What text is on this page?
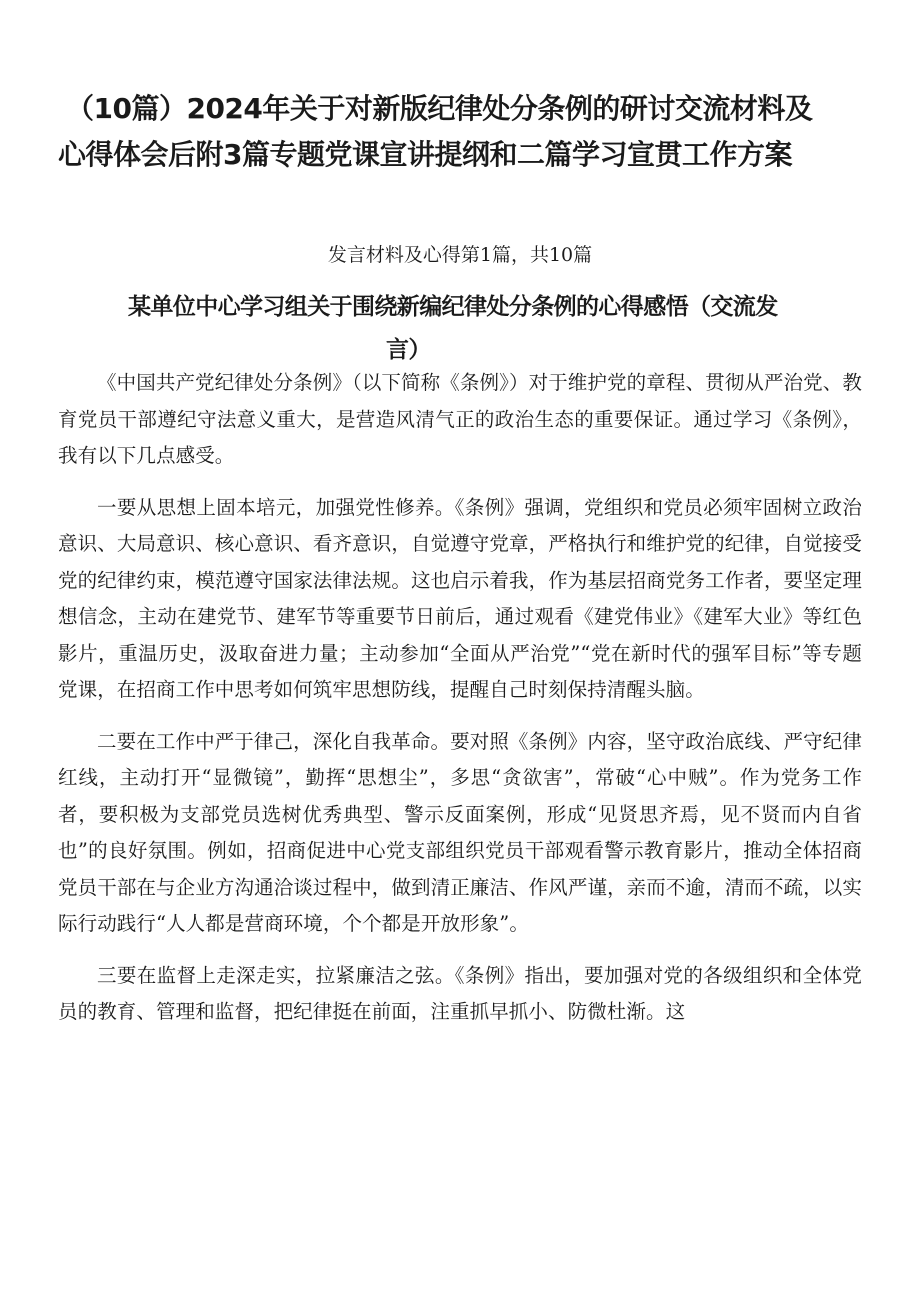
（10篇）2024年关于对新版纪律处分条例的研讨交流材料及
心得体会后附3篇专题党课宣讲提纲和二篇学习宣贯工作方案
发言材料及心得第1篇，共10篇
某单位中心学习组关于围绕新编纪律处分条例的心得感悟（交流发
言）

《中国共产党纪律处分条例》（以下简称《条例》）对于维护党的章程、贯彻从严治党、教育党员干部遵纪守法意义重大，是营造风清气正的政治生态的重要保证。通过学习《条例》，我有以下几点感受。

一要从思想上固本培元，加强党性修养。《条例》强调，党组织和党员必须牢固树立政治意识、大局意识、核心意识、看齐意识，自觉遵守党章，严格执行和维护党的纪律，自觉接受党的纪律约束，模范遵守国家法律法规。这也启示着我，作为基层招商党务工作者，要坚定理想信念，主动在建党节、建军节等重要节日前后，通过观看《建党伟业》《建军大业》等红色影片，重温历史，汲取奋进力量；主动参加“全面从严治党”“党在新时代的强军目标”等专题党课，在招商工作中思考如何筑牢思想防线，提醒自己时刻保持清醒头脑。

二要在工作中严于律己，深化自我革命。要对照《条例》内容，坚守政治底线、严守纪律红线，主动打开“显微镜”，勤挥“思想尘”，多思“贪欲害”，常破“心中贼”。作为党务工作者，要积极为支部党员选树优秀典型、警示反面案例，形成“见贤思齐焉，见不贤而内自省也”的良好氛围。例如，招商促进中心党支部组织党员干部观看警示教育影片，推动全体招商党员干部在与企业方沟通洽谈过程中，做到清正廉洁、作风严谨，亲而不逾，清而不疏，以实际行动践行“人人都是营商环境，个个都是开放形象”。

三要在监督上走深走实，拉紧廉洁之弦。《条例》指出，要加强对党的各级组织和全体党员的教育、管理和监督，把纪律挺在前面，注重抓早抓小、防微杜渐。这
